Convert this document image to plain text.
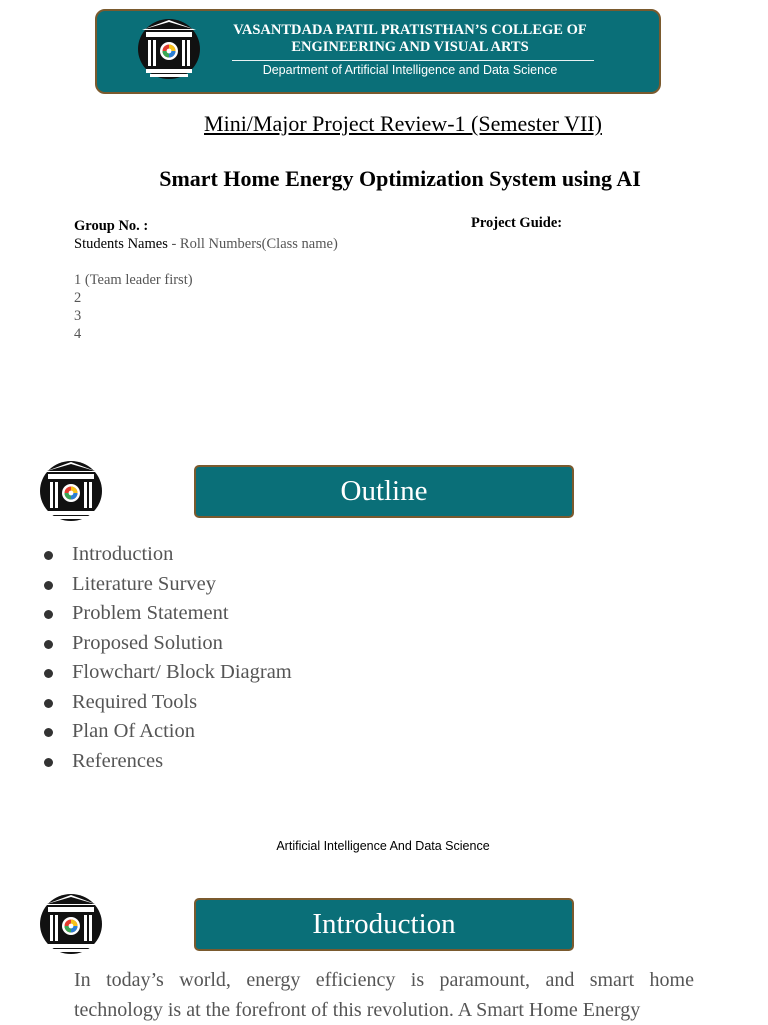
VASANTDADA PATIL PRATISTHAN’S COLLEGE OF ENGINEERING AND VISUAL ARTS
Department of Artificial Intelligence and Data Science
Mini/Major Project Review-1 (Semester VII)
Smart Home Energy Optimization System using AI
Group No. :	Project Guide:
Students Names - Roll Numbers(Class name)
1 (Team leader first)
2
3
4
Outline
Introduction
Literature Survey
Problem Statement
Proposed Solution
Flowchart/ Block Diagram
Required Tools
Plan Of Action
References
Artificial Intelligence And Data Science
Introduction
In today’s world, energy efficiency is paramount, and smart home technology is at the forefront of this revolution. A Smart Home Energy
